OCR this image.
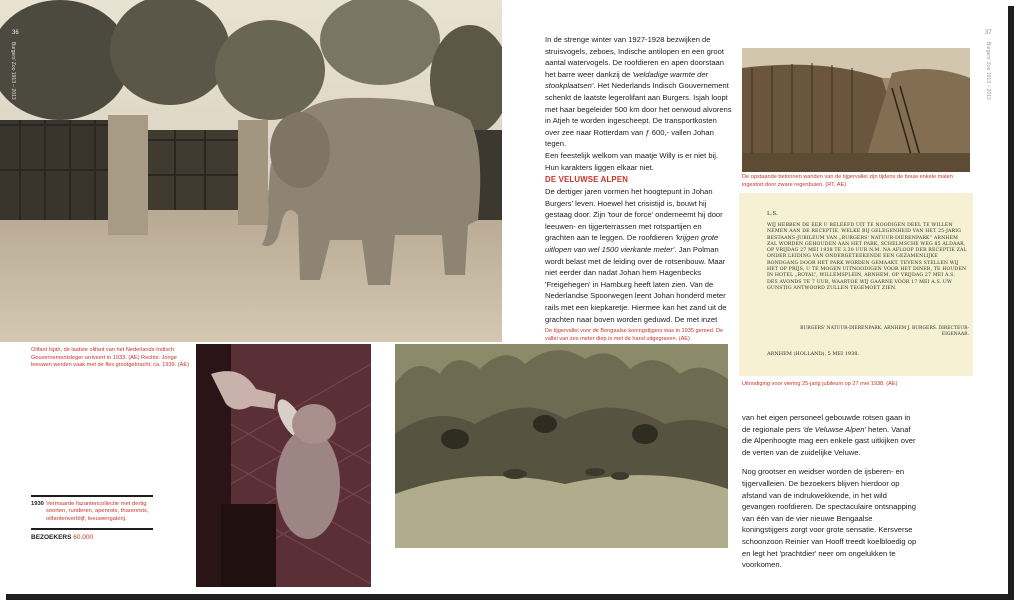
36
Burgers' Zoo 1913 – 2013
Olifant Isjah, de laatste olifant van het Nederlands-Indisch Gouvernementsleger arriveert in 1933. (AE) Rechts: Jonge leeuwen werden vaak met de fles grootgebracht, ca. 1939. (AE)
1930 Vermaarde fazantencollectie met dertig soorten, runderen, apenrots, tharenrots, olifantenverblijf, leeuwengalerij.
BEZOEKERS 60.000

In de strenge winter van 1927-1928 bezwijken de struisvogels, zeboes, Indische antilopen en een groot aantal watervogels. De roofdieren en apen doorstaan het barre weer dankzij de 'weldadige warmte der stookplaatsen'. Het Nederlands Indisch Gouvernement schenkt de laatste legerolifant aan Burgers. Isjah loopt met haar begeleider 500 km door het oerwoud alvorens in Atjeh te worden ingescheept. De transportkosten over zee naar Rotterdam van ƒ 600,- vallen Johan tegen.
Een feestelijk welkom van maatje Willy is er niet bij. Hun karakters liggen elkaar niet.

DE VELUWSE ALPEN

De dertiger jaren vormen het hoogtepunt in Johan Burgers' leven. Hoewel het crisistijd is, bouwt hij gestaag door. Zijn 'tour de force' onderneemt hij door leeuwen- en tijgerterrassen met rotspartijen en grachten aan te leggen. De roofdieren 'krijgen grote uitlopen van wel 1500 vierkante meter'. Jan Polman wordt belast met de leiding over de rotsenbouw. Maar niet eerder dan nadat Johan hem Hagenbecks 'Freigehegen' in Hamburg heeft laten zien. Van de Nederlandse Spoorwegen leent Johan honderd meter rails met een kiepkaretje. Hiermee kan het zand uit de grachten naar boven worden geduwd. De met inzet

De tijgervallei voor de Bengaalse koningstijgers was in 1935 gereed. De vallei van zes meter diep is met de hand uitgegraven. (AE)
De opstaande betonnen wanden van de tijgervallei zijn tijdens de bouw enkele malen ingestort door zware regenbuien. (RT, AE)
L.S.
WIJ HEBBEN DE EER U BELEEFD UIT TE NOODIGEN DEEL TE WILLEN NEMEN AAN DE RECEPTIE, WELKE BIJ GELEGENHEID VAN HET 25-JARIG BESTAANS-JUBILEUM VAN „BURGERS' NATUUR-DIERENPARK” ARNHEM ZAL WORDEN GEHOUDEN AAN HET PARK, SCHELMSCHE WEG 85 ALDAAR, OP VRIJDAG 27 MEI 1938 TE 3.30 UUR N.M. NA AFLOOP DER RECEPTIE ZAL ONDER LEIDING VAN ONDERGETEEKENDE EEN GEZAMENLIJKE RONDGANG DOOR HET PARK WORDEN GEMAAKT. TEVENS STELLEN WIJ HET OP PRIJS, U TE MOGEN UITNOODIGEN VOOR HET DINER, TE HOUDEN IN HOTEL „ROYAL”, WILLEMSPLEIN, ARNHEM, OP VRIJDAG 27 MEI A.S. DES AVONDS TE 7 UUR, WAARTOE WIJ GAARNE VÓÓR 17 MEI A.S. UW GUNSTIG ANTWOORD ZULLEN TEGEMOET ZIEN.
BURGERS' NATUUR-DIERENPARK, ARNHEM J. BURGERS. DIRECTEUR-EIGENAAR.
ARNHEM (HOLLAND), 5 MEI 1938.
Uitnodiging voor viering 25-jarig jubileum op 27 mei 1938. (AE)
37
Burgers' Zoo 1913 – 2013

van het eigen personeel gebouwde rotsen gaan in de regionale pers 'de Veluwse Alpen' heten. Vanaf die Alpenhoogte mag een enkele gast uitkijken over de verten van de zuidelijke Veluwe.

Nog grootser en weidser worden de ijsberen- en tijgervalleien. De bezoekers blijven hierdoor op afstand van de indrukwekkende, in het wild gevangen roofdieren. De spectaculaire ontsnapping van één van de vier nieuwe Bengaalse koningstijgers zorgt voor grote sensatie. Kersverse schoonzoon Reinier van Hooff treedt koelbloedig op en legt het 'prachtdier' neer om ongelukken te voorkomen.
